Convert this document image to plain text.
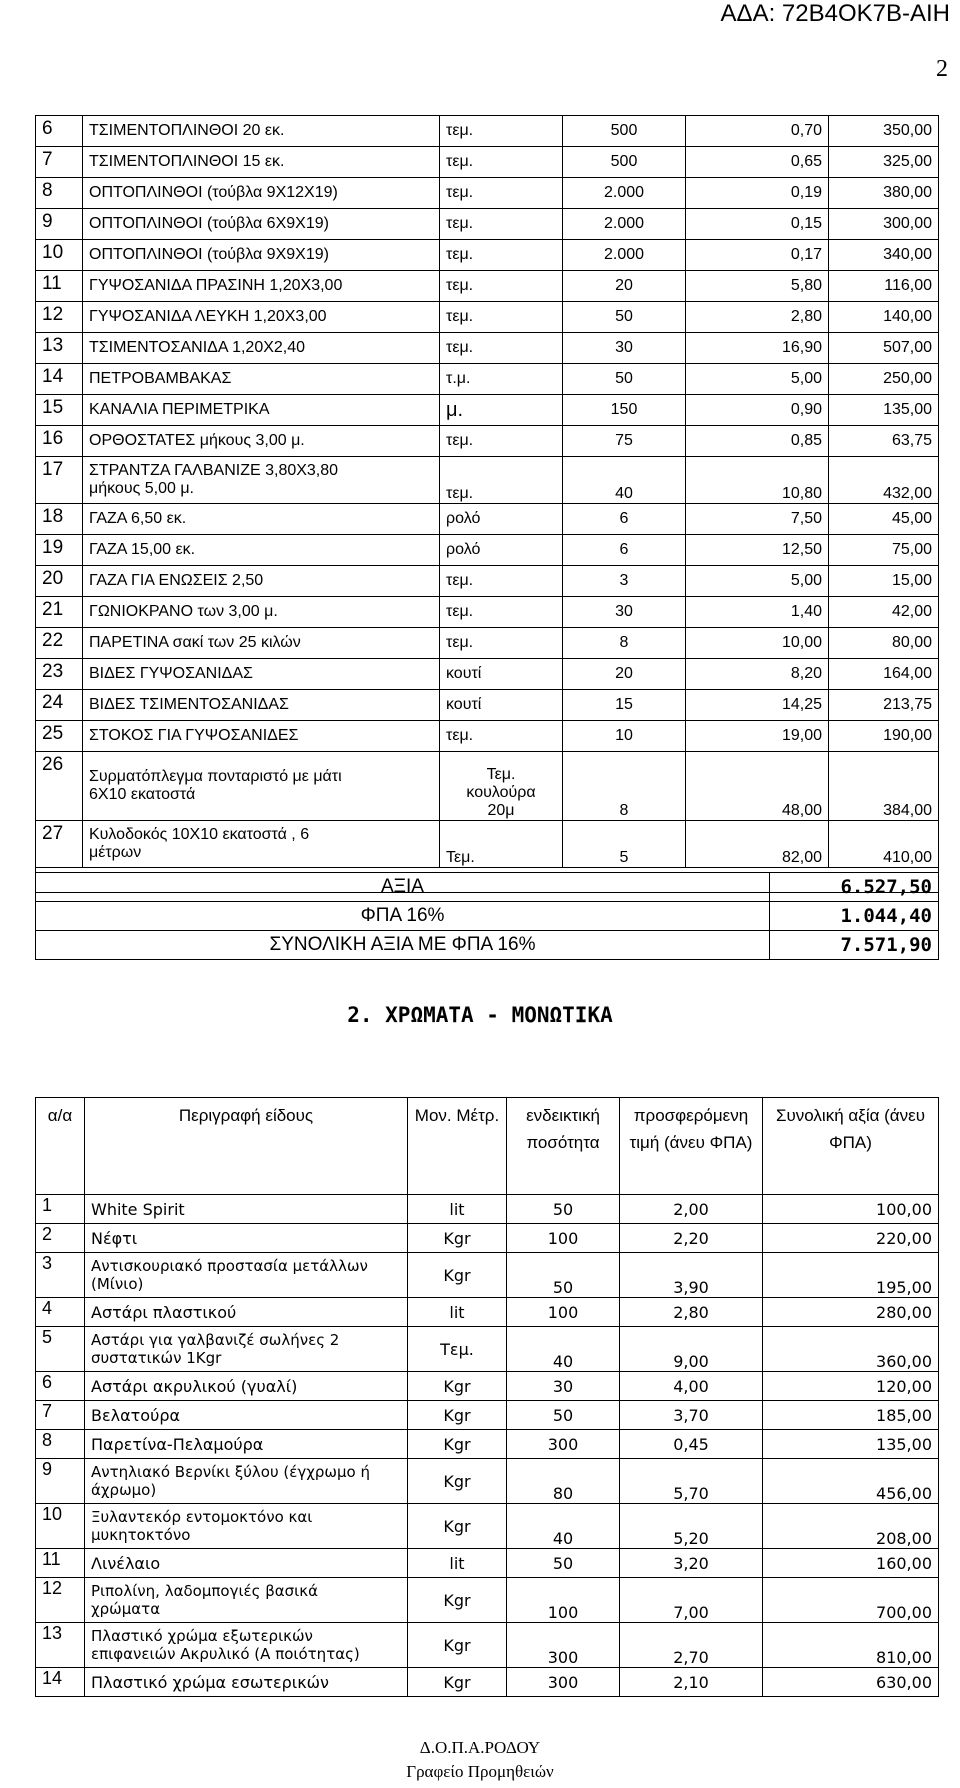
ΑΔΑ: 72Β4ΟΚ7Β-ΑΙΗ
2
6	ΤΣΙΜΕΝΤΟΠΛΙΝΘΟΙ 20 εκ.	τεμ.	500	0,70	350,00
7	ΤΣΙΜΕΝΤΟΠΛΙΝΘΟΙ 15 εκ.	τεμ.	500	0,65	325,00
8	ΟΠΤΟΠΛΙΝΘΟΙ (τούβλα 9Χ12Χ19)	τεμ.	2.000	0,19	380,00
9	ΟΠΤΟΠΛΙΝΘΟΙ (τούβλα 6Χ9Χ19)	τεμ.	2.000	0,15	300,00
10	ΟΠΤΟΠΛΙΝΘΟΙ (τούβλα 9Χ9Χ19)	τεμ.	2.000	0,17	340,00
11	ΓΥΨΟΣΑΝΙΔΑ ΠΡΑΣΙΝΗ 1,20Χ3,00	τεμ.	20	5,80	116,00
12	ΓΥΨΟΣΑΝΙΔΑ ΛΕΥΚΗ 1,20Χ3,00	τεμ.	50	2,80	140,00
13	ΤΣΙΜΕΝΤΟΣΑΝΙΔΑ 1,20Χ2,40	τεμ.	30	16,90	507,00
14	ΠΕΤΡΟΒΑΜΒΑΚΑΣ	τ.μ.	50	5,00	250,00
15	ΚΑΝΑΛΙΑ ΠΕΡΙΜΕΤΡΙΚΑ	μ.	150	0,90	135,00
16	ΟΡΘΟΣΤΑΤΕΣ μήκους 3,00 μ.	τεμ.	75	0,85	63,75
17	ΣΤΡΑΝΤΖΑ ΓΑΛΒΑΝΙΖΕ 3,80Χ3,80
μήκους 5,00 μ.	τεμ.	40	10,80	432,00
18	ΓΑΖΑ 6,50 εκ.	ρολό	6	7,50	45,00
19	ΓΑΖΑ 15,00 εκ.	ρολό	6	12,50	75,00
20	ΓΑΖΑ ΓΙΑ ΕΝΩΣΕΙΣ 2,50	τεμ.	3	5,00	15,00
21	ΓΩΝΙΟΚΡΑΝΟ των 3,00 μ.	τεμ.	30	1,40	42,00
22	ΠΑΡΕΤΙΝΑ σακί των 25 κιλών	τεμ.	8	10,00	80,00
23	ΒΙΔΕΣ ΓΥΨΟΣΑΝΙΔΑΣ	κουτί	20	8,20	164,00
24	ΒΙΔΕΣ ΤΣΙΜΕΝΤΟΣΑΝΙΔΑΣ	κουτί	15	14,25	213,75
25	ΣΤΟΚΟΣ ΓΙΑ ΓΥΨΟΣΑΝΙΔΕΣ	τεμ.	10	19,00	190,00
26	Συρματόπλεγμα πονταριστό με μάτι
6Χ10 εκατοστά	Τεμ.
κουλούρα
20μ	8	48,00	384,00
27	Κυλοδοκός 10Χ10 εκατοστά , 6
μέτρων	Τεμ.	5	82,00	410,00

ΑΞΙΑ	6.527,50
ΦΠΑ 16%	1.044,40
ΣΥΝΟΛΙΚΗ ΑΞΙΑ ΜΕ ΦΠΑ 16%	7.571,90
2. ΧΡΩΜΑΤΑ - ΜΟΝΩΤΙΚΑ
α/α	Περιγραφή είδους	Μον. Μέτρ.	ενδεικτική ποσότητα	προσφερόμενη τιμή (άνευ ΦΠΑ)	Συνολική αξία (άνευ ΦΠΑ)
1	White Spirit	lit	50	2,00	100,00
2	Νέφτι	Kgr	100	2,20	220,00
3	Αντισκουριακό προστασία μετάλλων
(Μίνιο)	Kgr	50	3,90	195,00
4	Αστάρι πλαστικού	lit	100	2,80	280,00
5	Αστάρι για γαλβανιζέ σωλήνες 2
συστατικών 1Kgr	Τεμ.	40	9,00	360,00
6	Αστάρι ακρυλικού (γυαλί)	Kgr	30	4,00	120,00
7	Βελατούρα	Kgr	50	3,70	185,00
8	Παρετίνα-Πελαμούρα	Kgr	300	0,45	135,00
9	Αντηλιακό Βερνίκι ξύλου (έγχρωμο ή
άχρωμο)	Kgr	80	5,70	456,00
10	Ξυλαντεκόρ εντομοκτόνο και
μυκητοκτόνο	Kgr	40	5,20	208,00
11	Λινέλαιο	lit	50	3,20	160,00
12	Ριπολίνη, λαδομπογιές βασικά
χρώματα	Kgr	100	7,00	700,00
13	Πλαστικό χρώμα εξωτερικών
επιφανειών Ακρυλικό (Α ποιότητας)	Kgr	300	2,70	810,00
14	Πλαστικό χρώμα εσωτερικών	Kgr	300	2,10	630,00
Δ.Ο.Π.Α.ΡΟΔΟΥ
Γραφείο Προμηθειών
